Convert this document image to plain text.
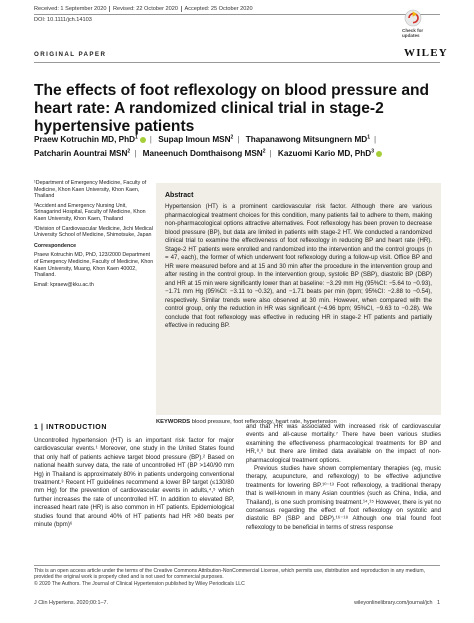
Received: 1 September 2020 Revised: 22 October 2020 Accepted: 25 October 2020
DOI: 10.1111/jch.14103
Check for
updates
WILEY
ORIGINAL PAPER
The effects of foot reflexology on blood pressure and heart rate: A randomized clinical trial in stage-2 hypertensive patients
Praew Kotruchin MD, PhD$^1$ | Supap Imoun MSN$^2$ | Thapanawong Mitsungnern $MD^1$ |
Patcharin Aountrai MSN$^2$ | Maneenuch Domthaisong MSN$^2$ | Kazuomi Kario MD, PhD$^3$

¹Department of Emergency Medicine, Faculty of Medicine, Khon Kaen University, Khon Kaen, Thailand

²Accident and Emergency Nursing Unit, Srinagarind Hospital, Faculty of Medicine, Khon Kaen University, Khon Kaen, Thailand

³Division of Cardiovascular Medicine, Jichi Medical University School of Medicine, Shimotsuke, Japan

Correspondence

Praew Kotruchin MD, PhD, 123/2000 Department of Emergency Medicine, Faculty of Medicine, Khon Kaen University, Muang, Khon Kaen 40002, Thailand.

Email: kpraew@kku.ac.th

Abstract

Hypertension (HT) is a prominent cardiovascular risk factor. Although there are various pharmacological treatment choices for this condition, many patients fail to adhere to them, making non-pharmacological options attractive alternatives. Foot reflexology has been proven to decrease blood pressure (BP), but data are limited in patients with stage-2 HT. We conducted a randomized clinical trial to examine the effectiveness of foot reflexology in reducing BP and heart rate (HR). Stage-2 HT patients were enrolled and randomized into the intervention and the control groups (n = 47, each), the former of which underwent foot reflexology during a follow-up visit. Office BP and HR were measured before and at 15 and 30 min after the procedure in the intervention group and after resting in the control group. In the intervention group, systolic BP (SBP), diastolic BP (DBP) and HR at 15 min were significantly lower than at baseline: −3.29 mm Hg (95%CI: −5.64 to −0.93), −1.71 mm Hg (95%CI: −3.11 to −0.32), and −1.71 beats per min (bpm; 95%CI: −2.88 to −0.54), respectively. Similar trends were also observed at 30 min. However, when compared with the control group, only the reduction in HR was significant (−4.96 bpm; 95%CI, −9.63 to −0.28). We conclude that foot reflexology was effective in reducing HR in stage-2 HT patients and partially effective in reducing BP.

KEYWORDS blood pressure, foot reflexology, heart rate, hypertension
1 | INTRODUCTION

Uncontrolled hypertension (HT) is an important risk factor for major cardiovascular events.¹ Moreover, one study in the United States found that only half of patients achieve target blood pressure (BP).² Based on national health survey data, the rate of uncontrolled HT (BP >140/90 mm Hg) in Thailand is approximately 80% in patients undergoing conventional treatment.³ Recent HT guidelines recommend a lower BP target (≤130/80 mm Hg) for the prevention of cardiovascular events in adults,⁴,⁵ which further increases the rate of uncontrolled HT. In addition to elevated BP, increased heart rate (HR) is also common in HT patients. Epidemiological studies found that around 40% of HT patients had HR >80 beats per minute (bpm)⁶

and that HR was associated with increased risk of cardiovascular events and all-cause mortality.⁷ There have been various studies examining the effectiveness pharmacological treatments for BP and HR,⁸,⁹ but there are limited data available on the impact of non-pharmacological treatment options.

Previous studies have shown complementary therapies (eg, music therapy, acupuncture, and reflexology) to be effective adjunctive treatments for lowering BP.¹⁰⁻¹³ Foot reflexology, a traditional therapy that is well-known in many Asian countries (such as China, India, and Thailand), is one such promising treatment.¹⁴,¹⁵ However, there is yet no consensus regarding the effect of foot reflexology on systolic and diastolic BP (SBP and DBP).¹⁶⁻¹⁸ Although one trial found foot reflexology to be beneficial in terms of stress response

This is an open access article under the terms of the Creative Commons Attribution-NonCommercial License, which permits use, distribution and reproduction in any medium, provided the original work is properly cited and is not used for commercial purposes.

© 2020 The Authors. The Journal of Clinical Hypertension published by Wiley Periodicals LLC

J Clin Hypertens. 2020;00:1–7.	wileyonlinelibrary.com/journal/jch 1
